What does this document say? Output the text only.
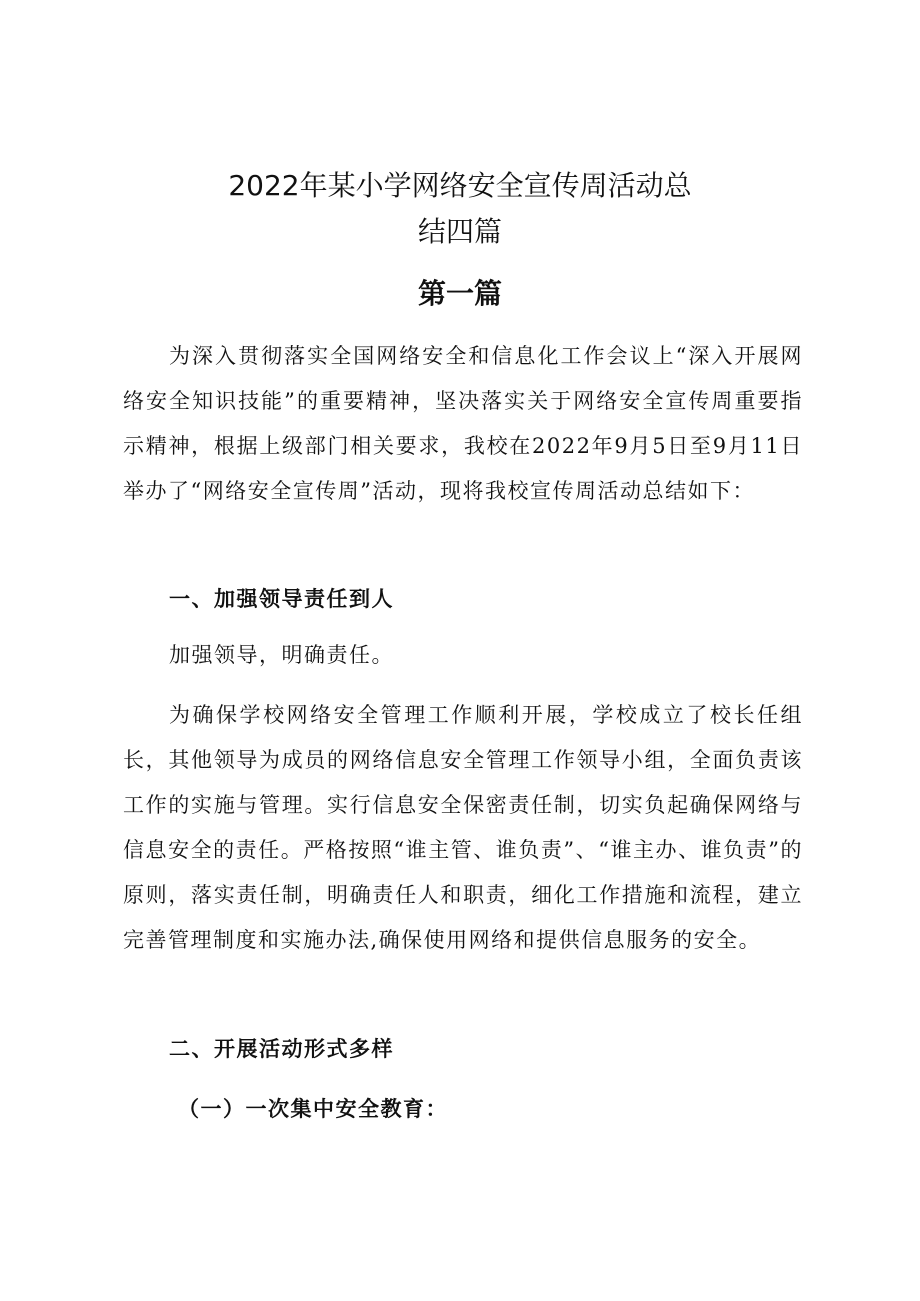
2022年某小学网络安全宣传周活动总
结四篇
第一篇

为深入贯彻落实全国网络安全和信息化工作会议上“深入开展网络安全知识技能”的重要精神，坚决落实关于网络安全宣传周重要指示精神，根据上级部门相关要求，我校在2022年9月5日至9月11日举办了“网络安全宣传周”活动，现将我校宣传周活动总结如下：

一、加强领导责任到人

加强领导，明确责任。

为确保学校网络安全管理工作顺利开展，学校成立了校长任组长，其他领导为成员的网络信息安全管理工作领导小组，全面负责该工作的实施与管理。实行信息安全保密责任制，切实负起确保网络与信息安全的责任。严格按照“谁主管、谁负责”、“谁主办、谁负责”的原则，落实责任制，明确责任人和职责，细化工作措施和流程，建立完善管理制度和实施办法,确保使用网络和提供信息服务的安全。

二、开展活动形式多样
（一）一次集中安全教育：
